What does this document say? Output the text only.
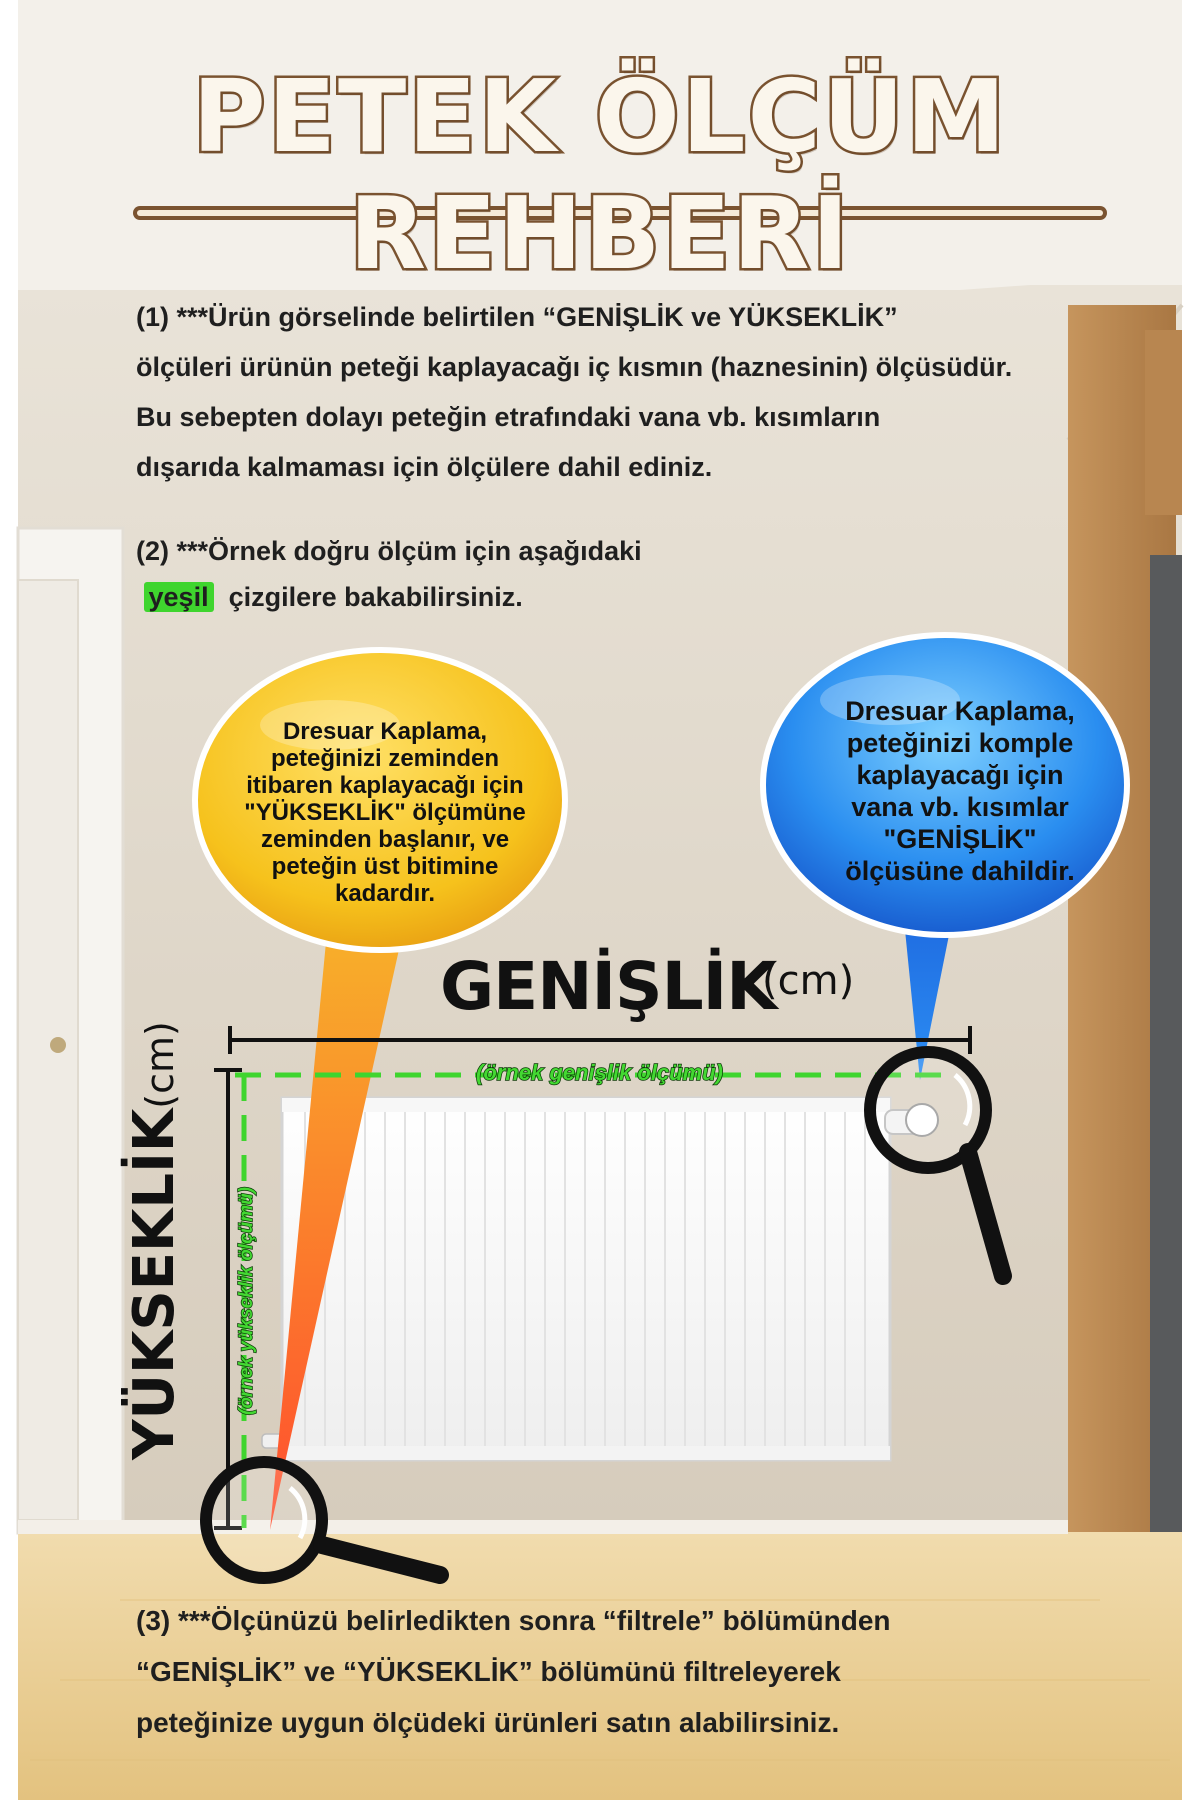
PETEK ÖLÇÜM REHBERİ
(1) ***Ürün görselinde belirtilen “GENİŞLİK ve YÜKSEKLİK”
ölçüleri ürünün peteği kaplayacağı iç kısmın (haznesinin) ölçüsüdür.
Bu sebepten dolayı peteğin etrafındaki vana vb. kısımların
dışarıda kalmaması için ölçülere dahil ediniz.
(2) ***Örnek doğru ölçüm için aşağıdaki
yeşil çizgilere bakabilirsiniz.
Dresuar Kaplama,
peteğinizi zeminden
itibaren kaplayacağı için
"YÜKSEKLİK" ölçümüne
zeminden başlanır, ve
peteğin üst bitimine
kadardır.
Dresuar Kaplama,
peteğinizi komple
kaplayacağı için
vana vb. kısımlar
"GENİŞLİK"
ölçüsüne dahildir.
GENİŞLİK
(cm)
YÜKSEKLİK(cm)	(örnek genişlik ölçümü)
(örnek yükseklik ölçümü)
(3) ***Ölçünüzü belirledikten sonra “filtrele” bölümünden
“GENİŞLİK” ve “YÜKSEKLİK” bölümünü filtreleyerek
peteğinize uygun ölçüdeki ürünleri satın alabilirsiniz.
